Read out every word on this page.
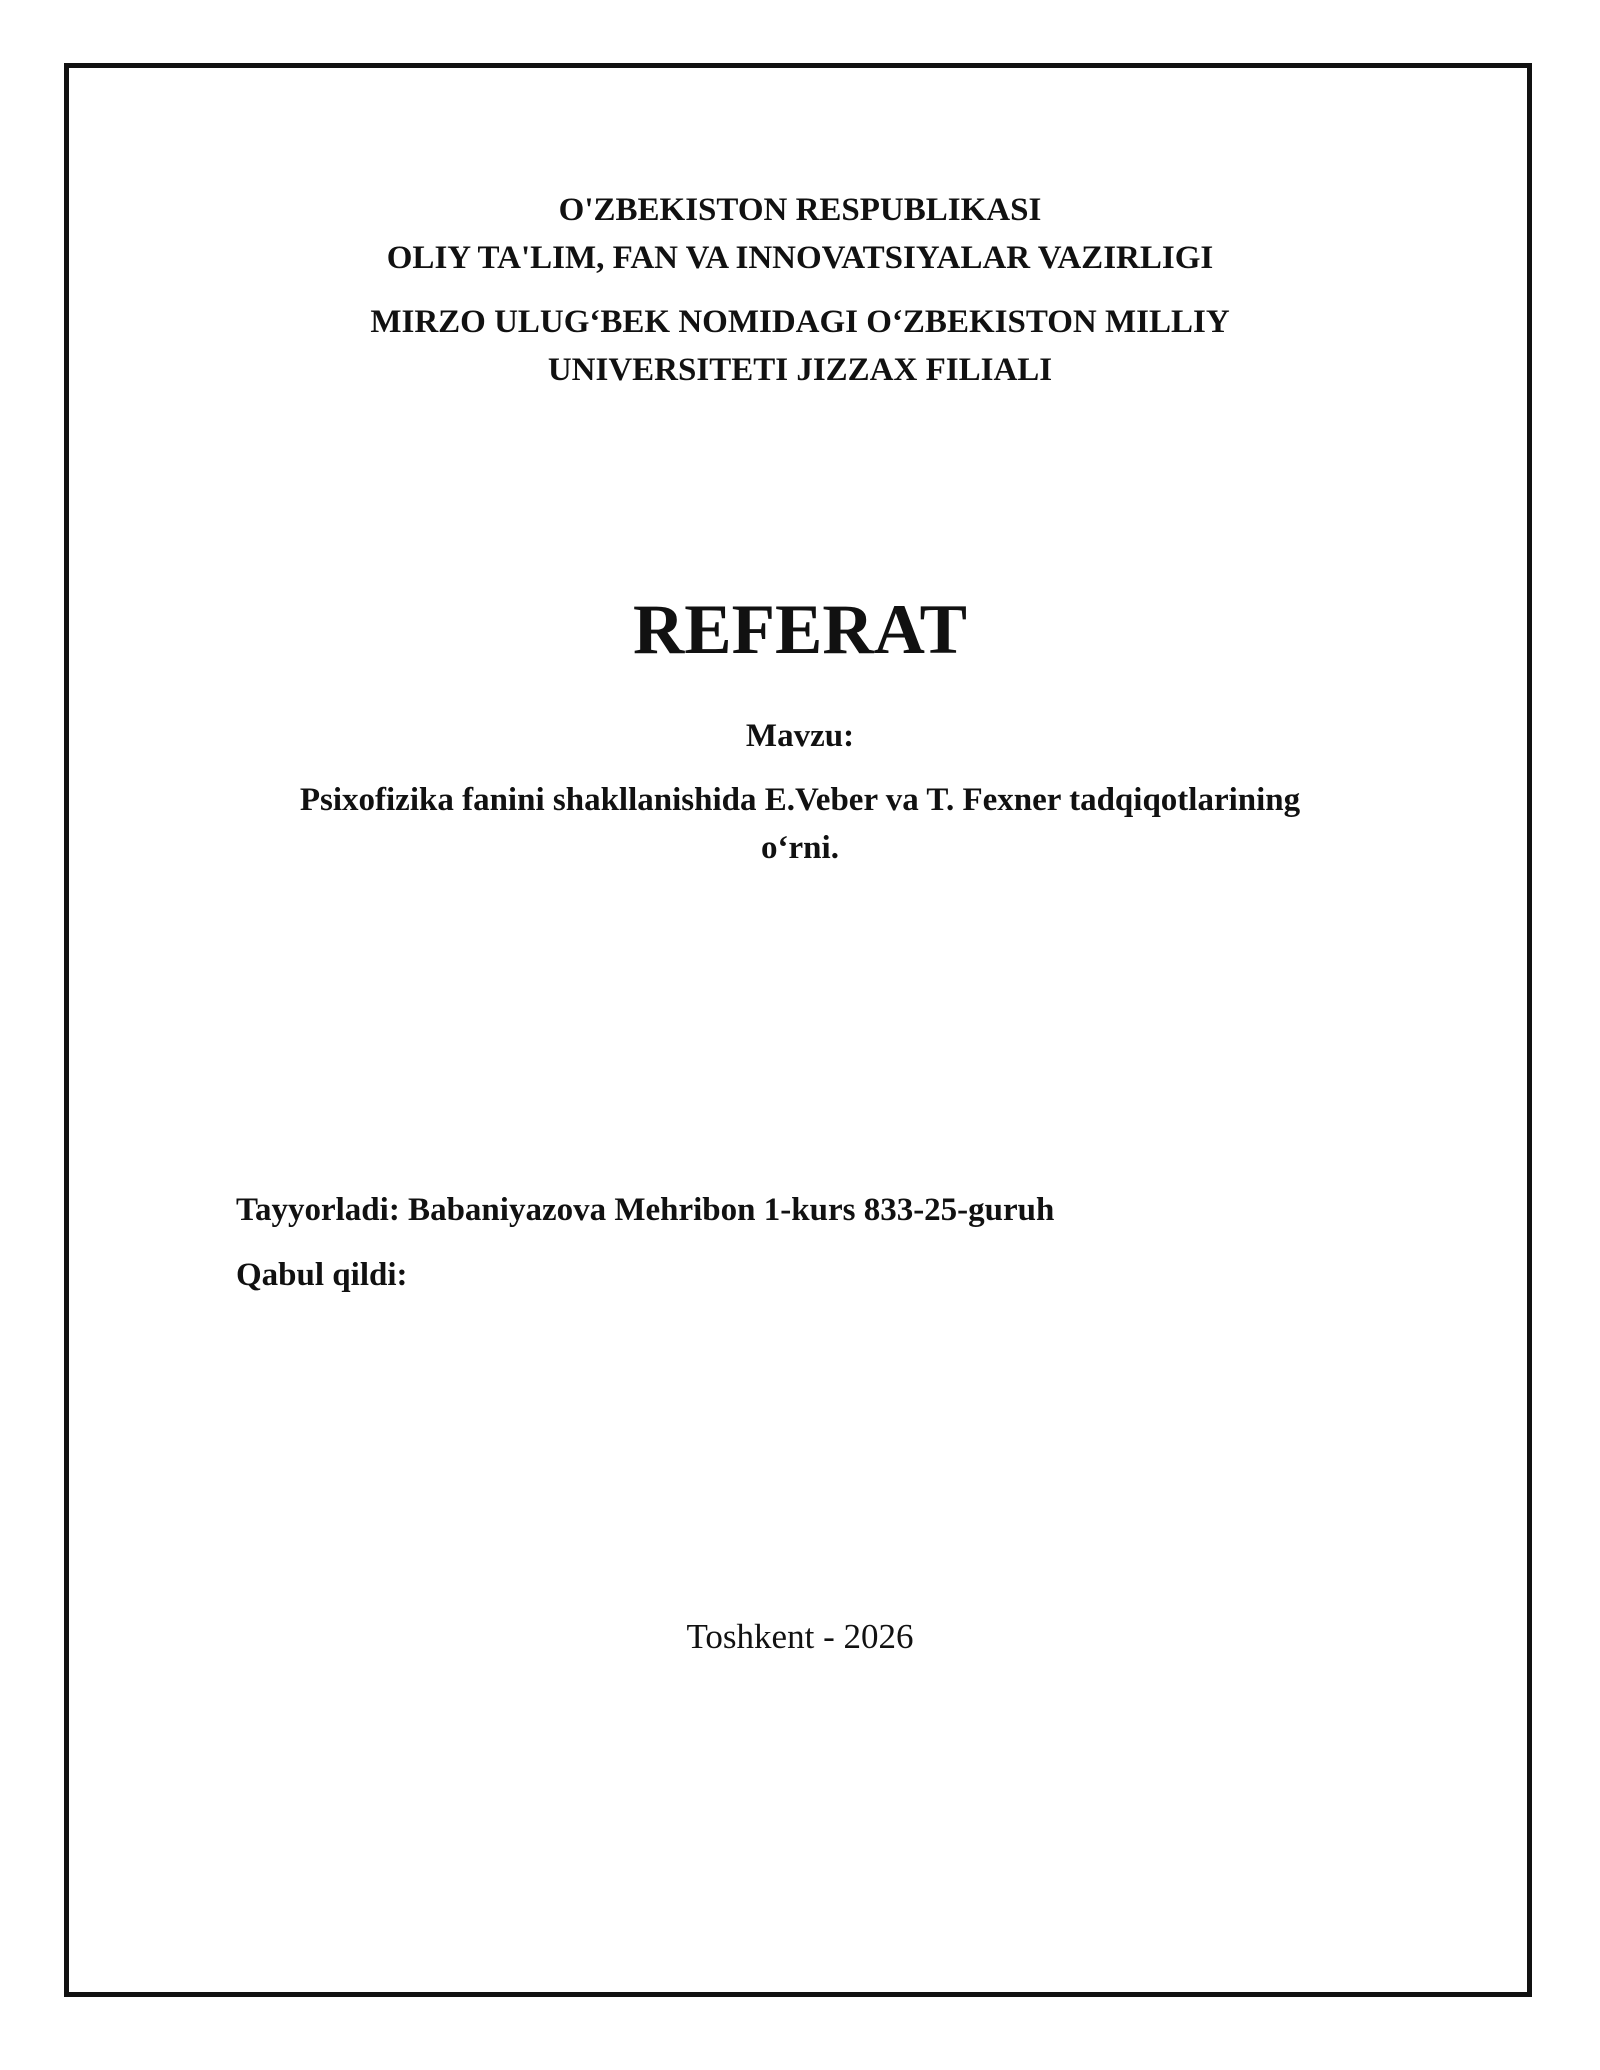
O'ZBEKISTON RESPUBLIKASI
OLIY TA'LIM, FAN VA INNOVATSIYALAR VAZIRLIGI
MIRZO ULUG‘BEK NOMIDAGI O‘ZBEKISTON MILLIY
UNIVERSITETI JIZZAX FILIALI
REFERAT
Mavzu:
Psixofizika fanini shakllanishida E.Veber va T. Fexner tadqiqotlarining
o‘rni.
Tayyorladi: Babaniyazova Mehribon 1-kurs 833-25-guruh
Qabul qildi:
Toshkent - 2026
